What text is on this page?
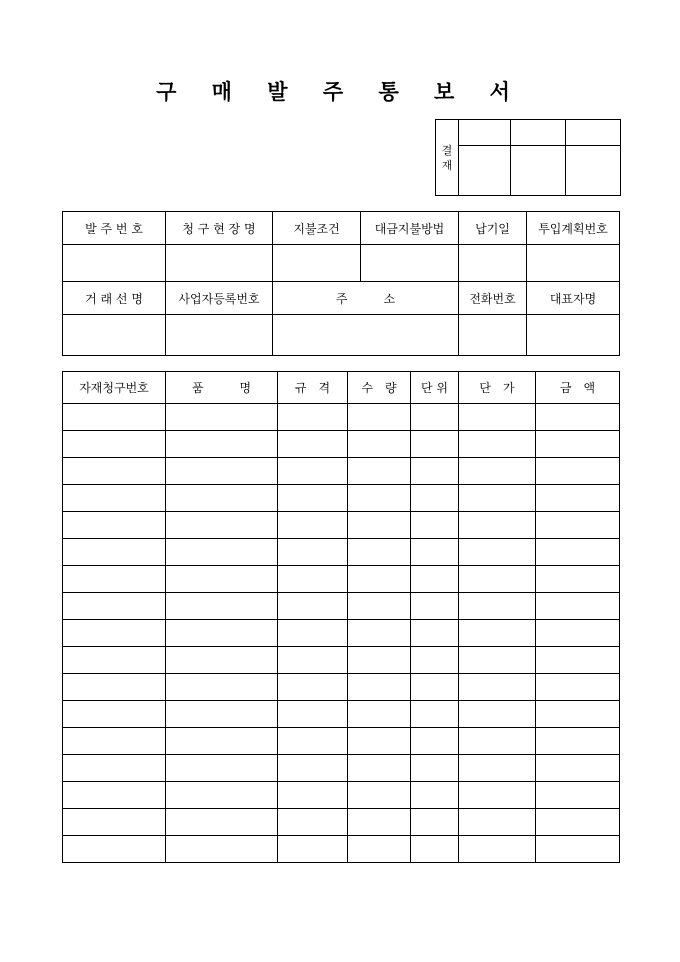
구 매 발 주 통 보 서
결
재			

발 주 번 호	청 구 현 장 명	지불조건	대금지불방법	납기일	투입계획번호

거 래 선 명	사업자등록번호	주　　　소		전화번호	대표자명

자재청구번호	품　　　명	규　격	수　량	단 위	단　가	금　액
